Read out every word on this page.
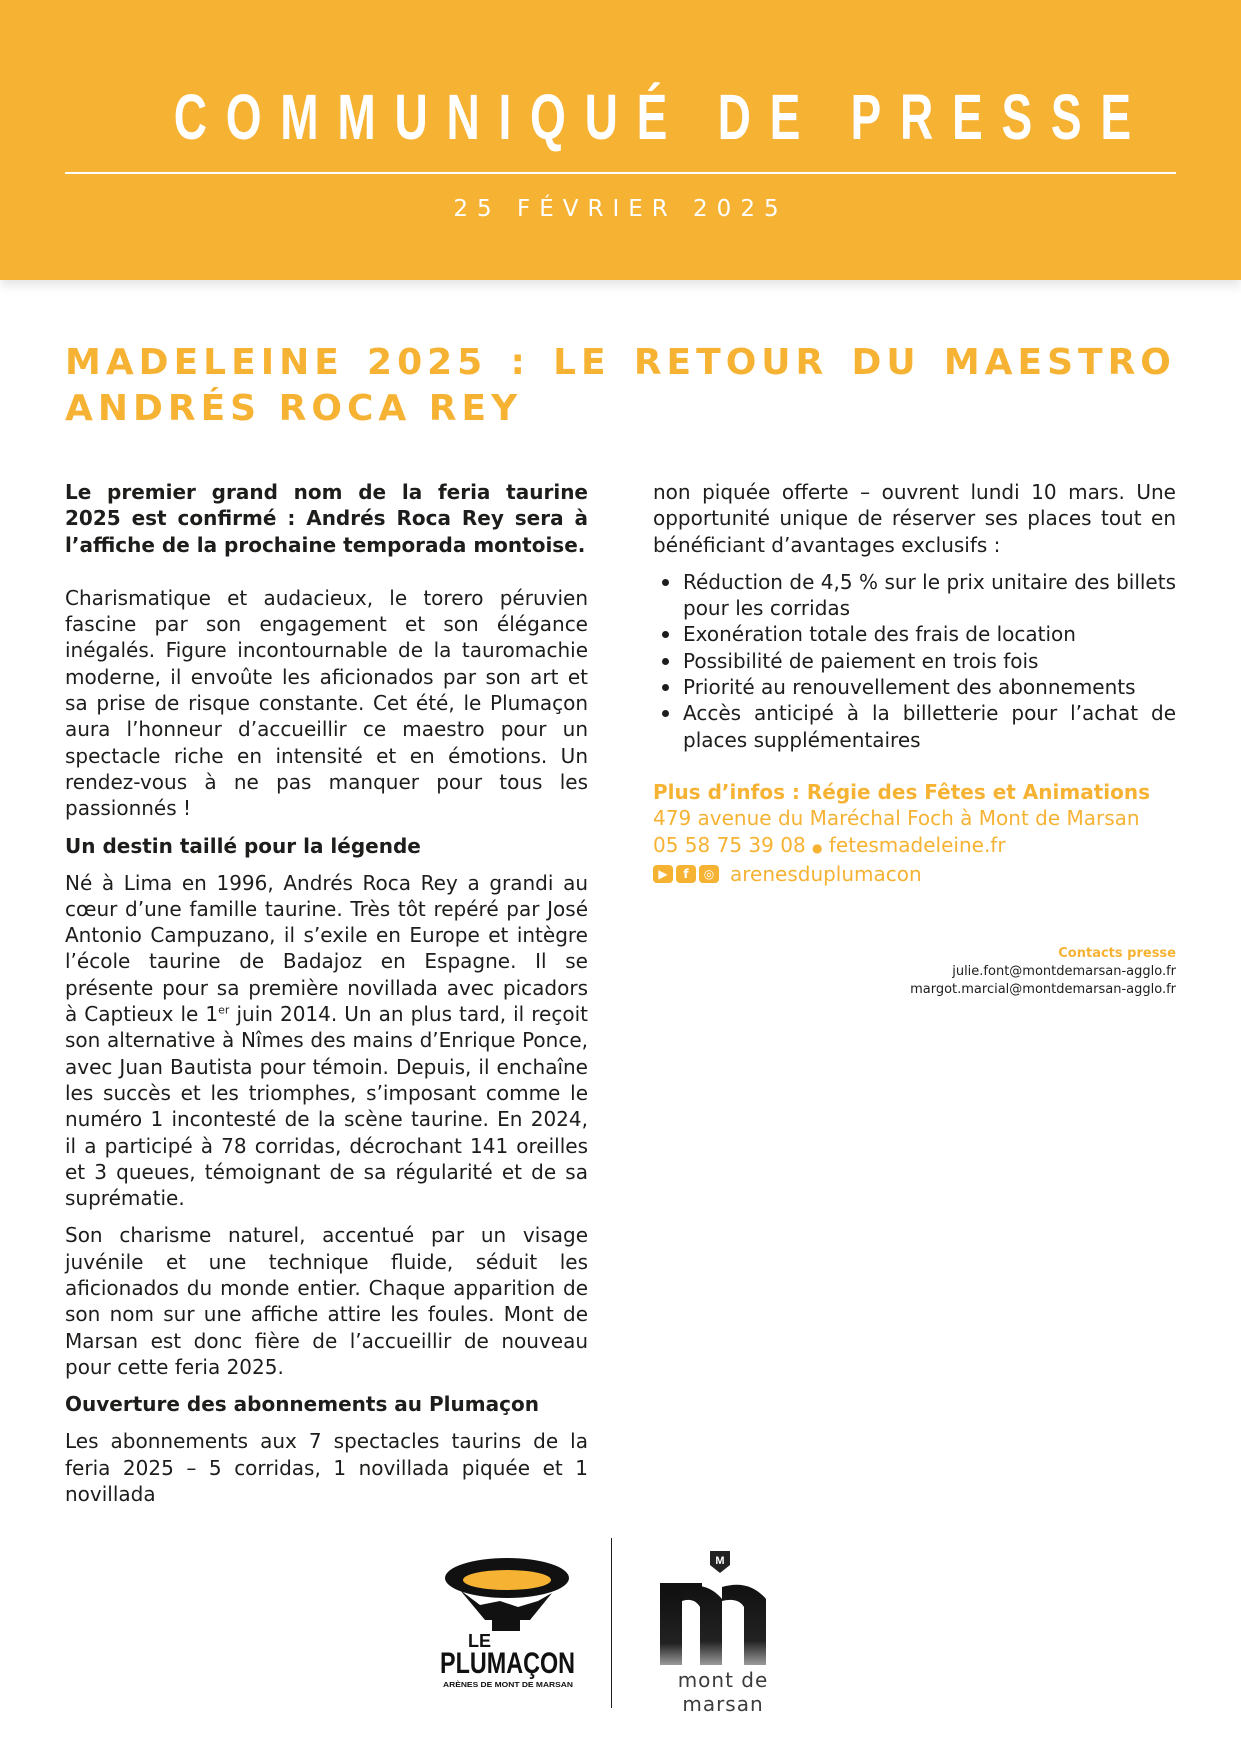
COMMUNIQUÉ DE PRESSE
25 FÉVRIER 2025
MADELEINE 2025 : LE RETOUR DU MAESTRO
ANDRÉS ROCA REY

Le premier grand nom de la feria taurine 2025 est confirmé : Andrés Roca Rey sera à l’affiche de la prochaine temporada montoise.

Charismatique et audacieux, le torero péruvien fascine par son engagement et son élégance inégalés. Figure incontournable de la tauromachie moderne, il envoûte les aficionados par son art et sa prise de risque constante. Cet été, le Plumaçon aura l’honneur d’accueillir ce maestro pour un spectacle riche en intensité et en émotions. Un rendez-vous à ne pas manquer pour tous les passionnés !

Un destin taillé pour la légende

Né à Lima en 1996, Andrés Roca Rey a grandi au cœur d’une famille taurine. Très tôt repéré par José Antonio Campuzano, il s’exile en Europe et intègre l’école taurine de Badajoz en Espagne. Il se présente pour sa première novillada avec picadors à Captieux le 1er juin 2014. Un an plus tard, il reçoit son alternative à Nîmes des mains d’Enrique Ponce, avec Juan Bautista pour témoin. Depuis, il enchaîne les succès et les triomphes, s’imposant comme le numéro 1 incontesté de la scène taurine. En 2024, il a participé à 78 corridas, décrochant 141 oreilles et 3 queues, témoignant de sa régularité et de sa suprématie.

Son charisme naturel, accentué par un visage juvénile et une technique fluide, séduit les aficionados du monde entier. Chaque apparition de son nom sur une affiche attire les foules. Mont de Marsan est donc fière de l’accueillir de nouveau pour cette feria 2025.

Ouverture des abonnements au Plumaçon

Les abonnements aux 7 spectacles taurins de la feria 2025 – 5 corridas, 1 novillada piquée et 1 novillada

non piquée offerte – ouvrent lundi 10 mars. Une opportunité unique de réserver ses places tout en bénéficiant d’avantages exclusifs :

Réduction de 4,5 % sur le prix unitaire des billets pour les corridas
Exonération totale des frais de location
Possibilité de paiement en trois fois
Priorité au renouvellement des abonnements
Accès anticipé à la billetterie pour l’achat de places supplémentaires
Plus d’infos : Régie des Fêtes et Animations
479 avenue du Maréchal Foch à Mont de Marsan
05 58 75 39 08 ● fetesmadeleine.fr
▶	f	◎ arenesduplumacon
Contacts presse
julie.font@montdemarsan-agglo.fr
margot.marcial@montdemarsan-agglo.fr
LE
PLUMAÇON
ARÈNES DE MONT DE MARSAN
M
mont de marsan
